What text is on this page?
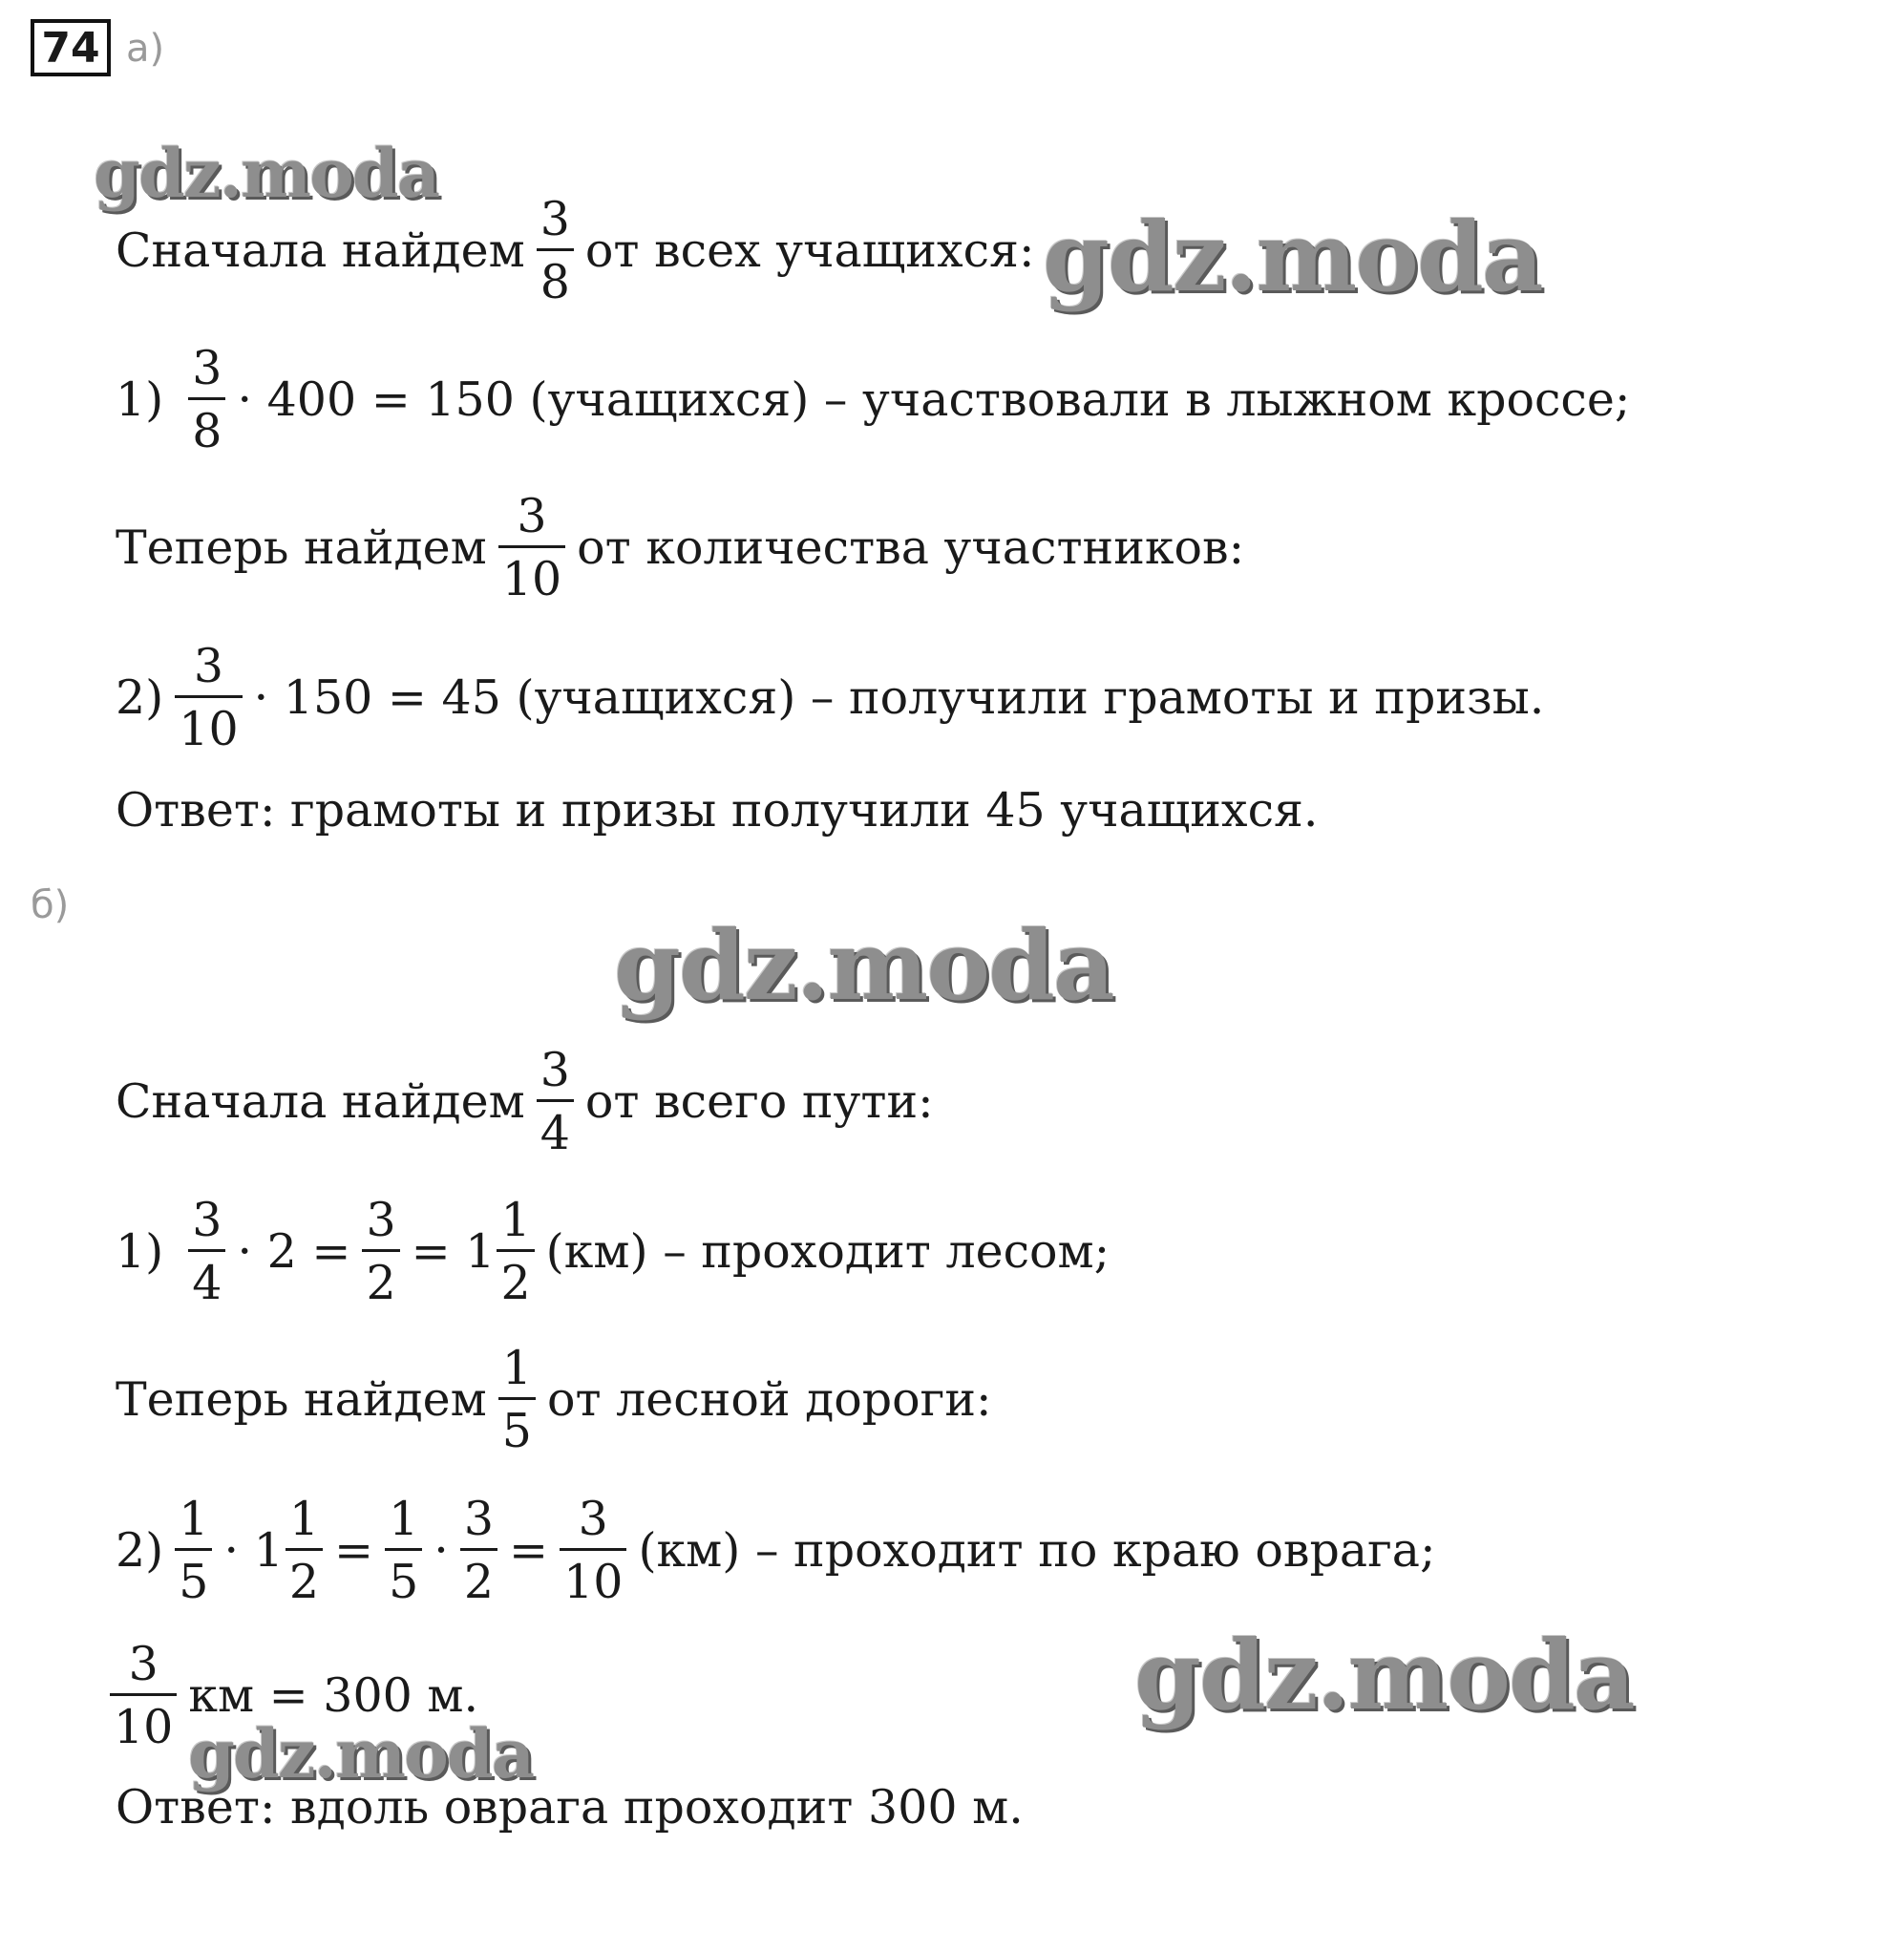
74 а)
Сначала найдем $\frac{3}{8}$ от всех учащихся:
$1) \frac{3}{8} \cdot 400 = 150$ (учащихся) – участвовали в лыжном кроссе;
Теперь найдем $\frac{3}{10}$ от количества участников:
$2) \frac{3}{10} \cdot 150 = 45$ (учащихся) – получили грамоты и призы.
Ответ: грамоты и призы получили 45 учащихся.
б)
Сначала найдем $\frac{3}{4}$ от всего пути:
$1) \frac{3}{4} \cdot 2 = \frac{3}{2} = 1 \frac{1}{2} (км)$ – проходит лесом;
Теперь найдем $\frac{1}{5}$ от лесной дороги:
$2) \frac{1}{5} \cdot 1 \frac{1}{2} = \frac{1}{5} \cdot \frac{3}{2} = \frac{3}{10} (км)$ – проходит по краю оврага;
$\frac{3}{10}$ км = 300 м.
Ответ: вдоль оврага проходит 300 м.
gdz.moda
gdz.moda
gdz.moda
gdz.moda
gdz.moda
